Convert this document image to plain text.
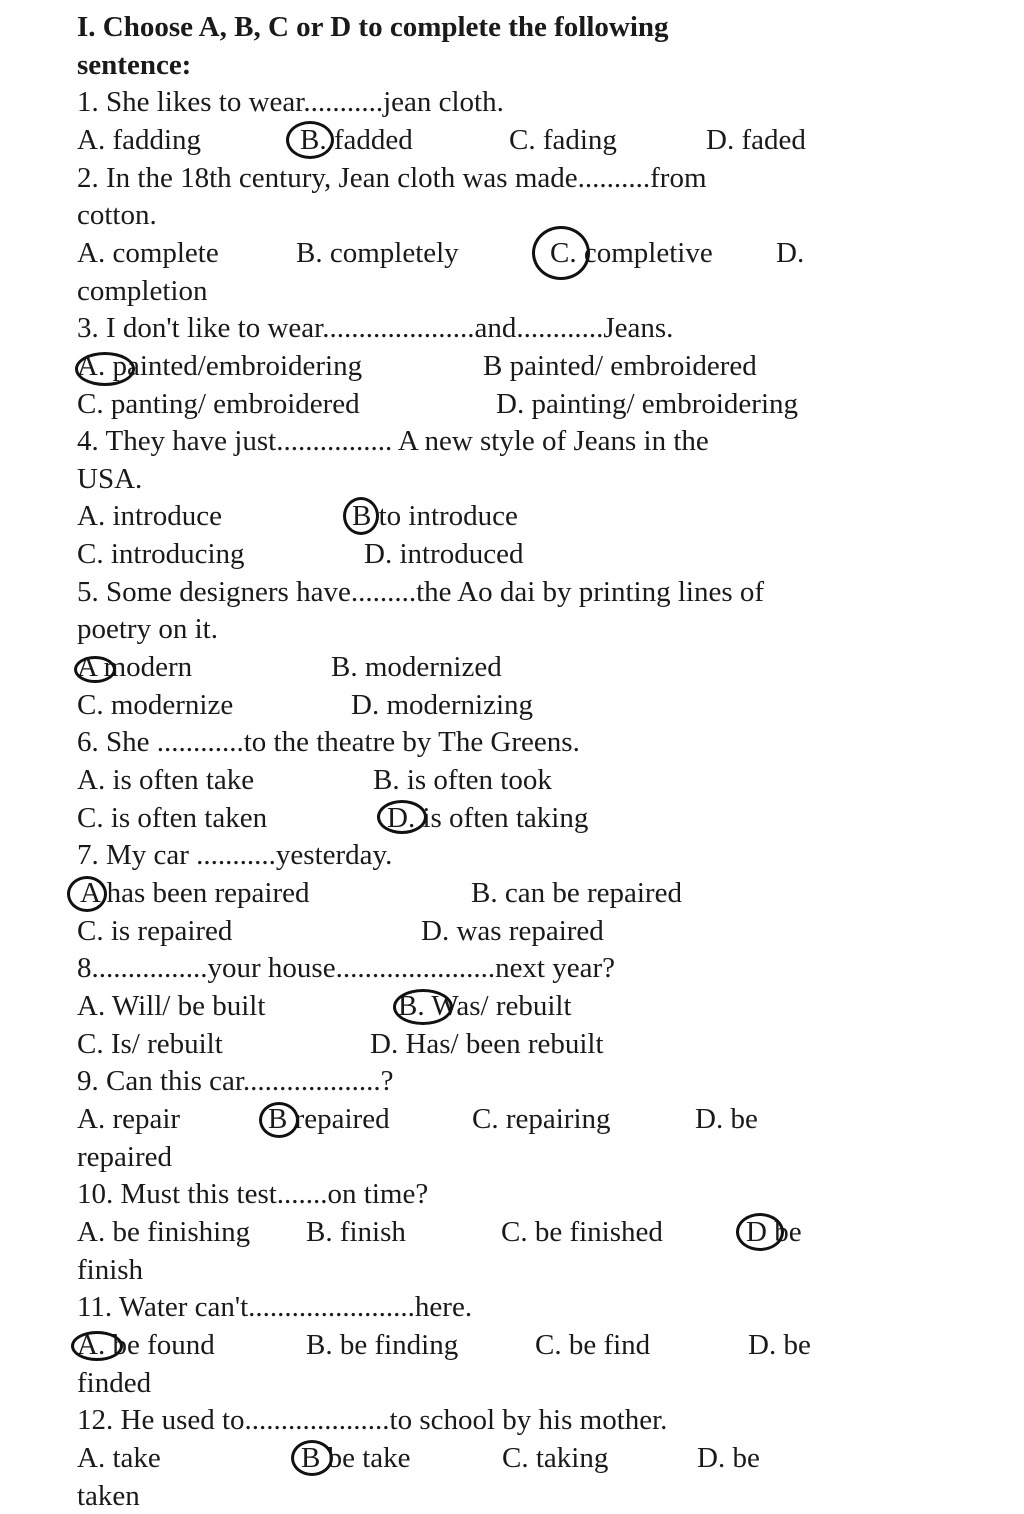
I. Choose A, B, C or D to complete the following
sentence:
1. She likes to wear...........jean cloth.
A. fadding	B. fadded	C. fading	D. faded
2. In the 18th century, Jean cloth was made..........from
cotton.
A. complete	B. completely	C. completive D.
completion
3. I don't like to wear.....................and............Jeans.
A. painted/embroidering	B painted/ embroidered
C. panting/ embroidered	D. painting/ embroidering
4. They have just................ A new style of Jeans in the
USA.
A. introduce	B to introduce
C. introducing	D. introduced
5. Some designers have.........the Ao dai by printing lines of
poetry on it.
A modern	B. modernized
C. modernize	D. modernizing
6. She ............to the theatre by The Greens.
A. is often take	B. is often took
C. is often taken	D. is often taking
7. My car ...........yesterday.
A has been repaired	B. can be repaired
C. is repaired	D. was repaired
8................your house......................next year?
A. Will/ be built	B. Was/ rebuilt
C. Is/ rebuilt	D. Has/ been rebuilt
9. Can this car...................?
A. repair	B repaired	C. repairing	D. be
repaired
10. Must this test.......on time?
A. be finishing B. finish	C. be finished	D be
finish
11. Water can't.......................here.
A. be found	B. be finding	C. be find	D. be
finded
12. He used to....................to school by his mother.
A. take	B be take	C. taking	D. be
taken
